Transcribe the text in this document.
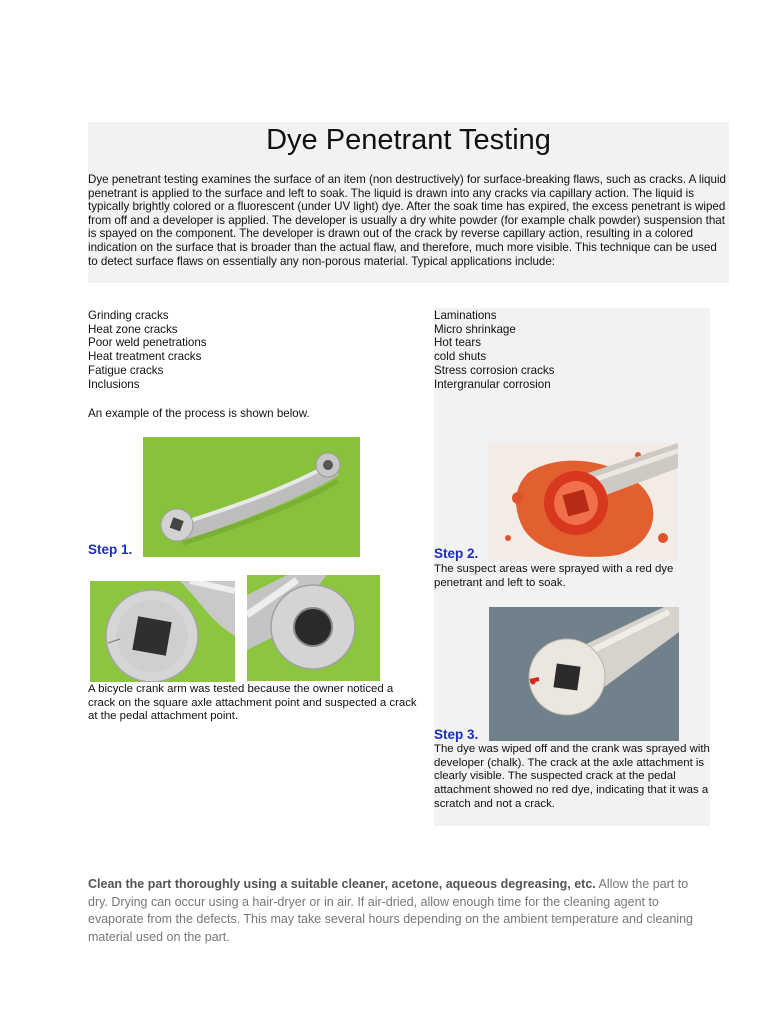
Dye Penetrant Testing

Dye penetrant testing examines the surface of an item (non destructively) for surface-breaking flaws, such as cracks. A liquid penetrant is applied to the surface and left to soak. The liquid is drawn into any cracks via capillary action. The liquid is typically brightly colored or a fluorescent (under UV light) dye. After the soak time has expired, the excess penetrant is wiped from off and a developer is applied. The developer is usually a dry white powder (for example chalk powder) suspension that is spayed on the component. The developer is drawn out of the crack by reverse capillary action, resulting in a colored indication on the surface that is broader than the actual flaw, and therefore, much more visible. This technique can be used to detect surface flaws on essentially any non-porous material. Typical applications include:

Grinding cracks
Heat zone cracks
Poor weld penetrations
Heat treatment cracks
Fatigue cracks
Inclusions
Laminations
Micro shrinkage
Hot tears
cold shuts
Stress corrosion cracks
Intergranular corrosion

An example of the process is shown below.

Step 1.

A bicycle crank arm was tested because the owner noticed a crack on the square axle attachment point and suspected a crack at the pedal attachment point.

Step 2.

The suspect areas were sprayed with a red dye penetrant and left to soak.

Step 3.

The dye was wiped off and the crank was sprayed with developer (chalk). The crack at the axle attachment is clearly visible. The suspected crack at the pedal attachment showed no red dye, indicating that it was a scratch and not a crack.

Clean the part thoroughly using a suitable cleaner, acetone, aqueous degreasing, etc. Allow the part to dry. Drying can occur using a hair-dryer or in air. If air-dried, allow enough time for the cleaning agent to evaporate from the defects. This may take several hours depending on the ambient temperature and cleaning material used on the part.
